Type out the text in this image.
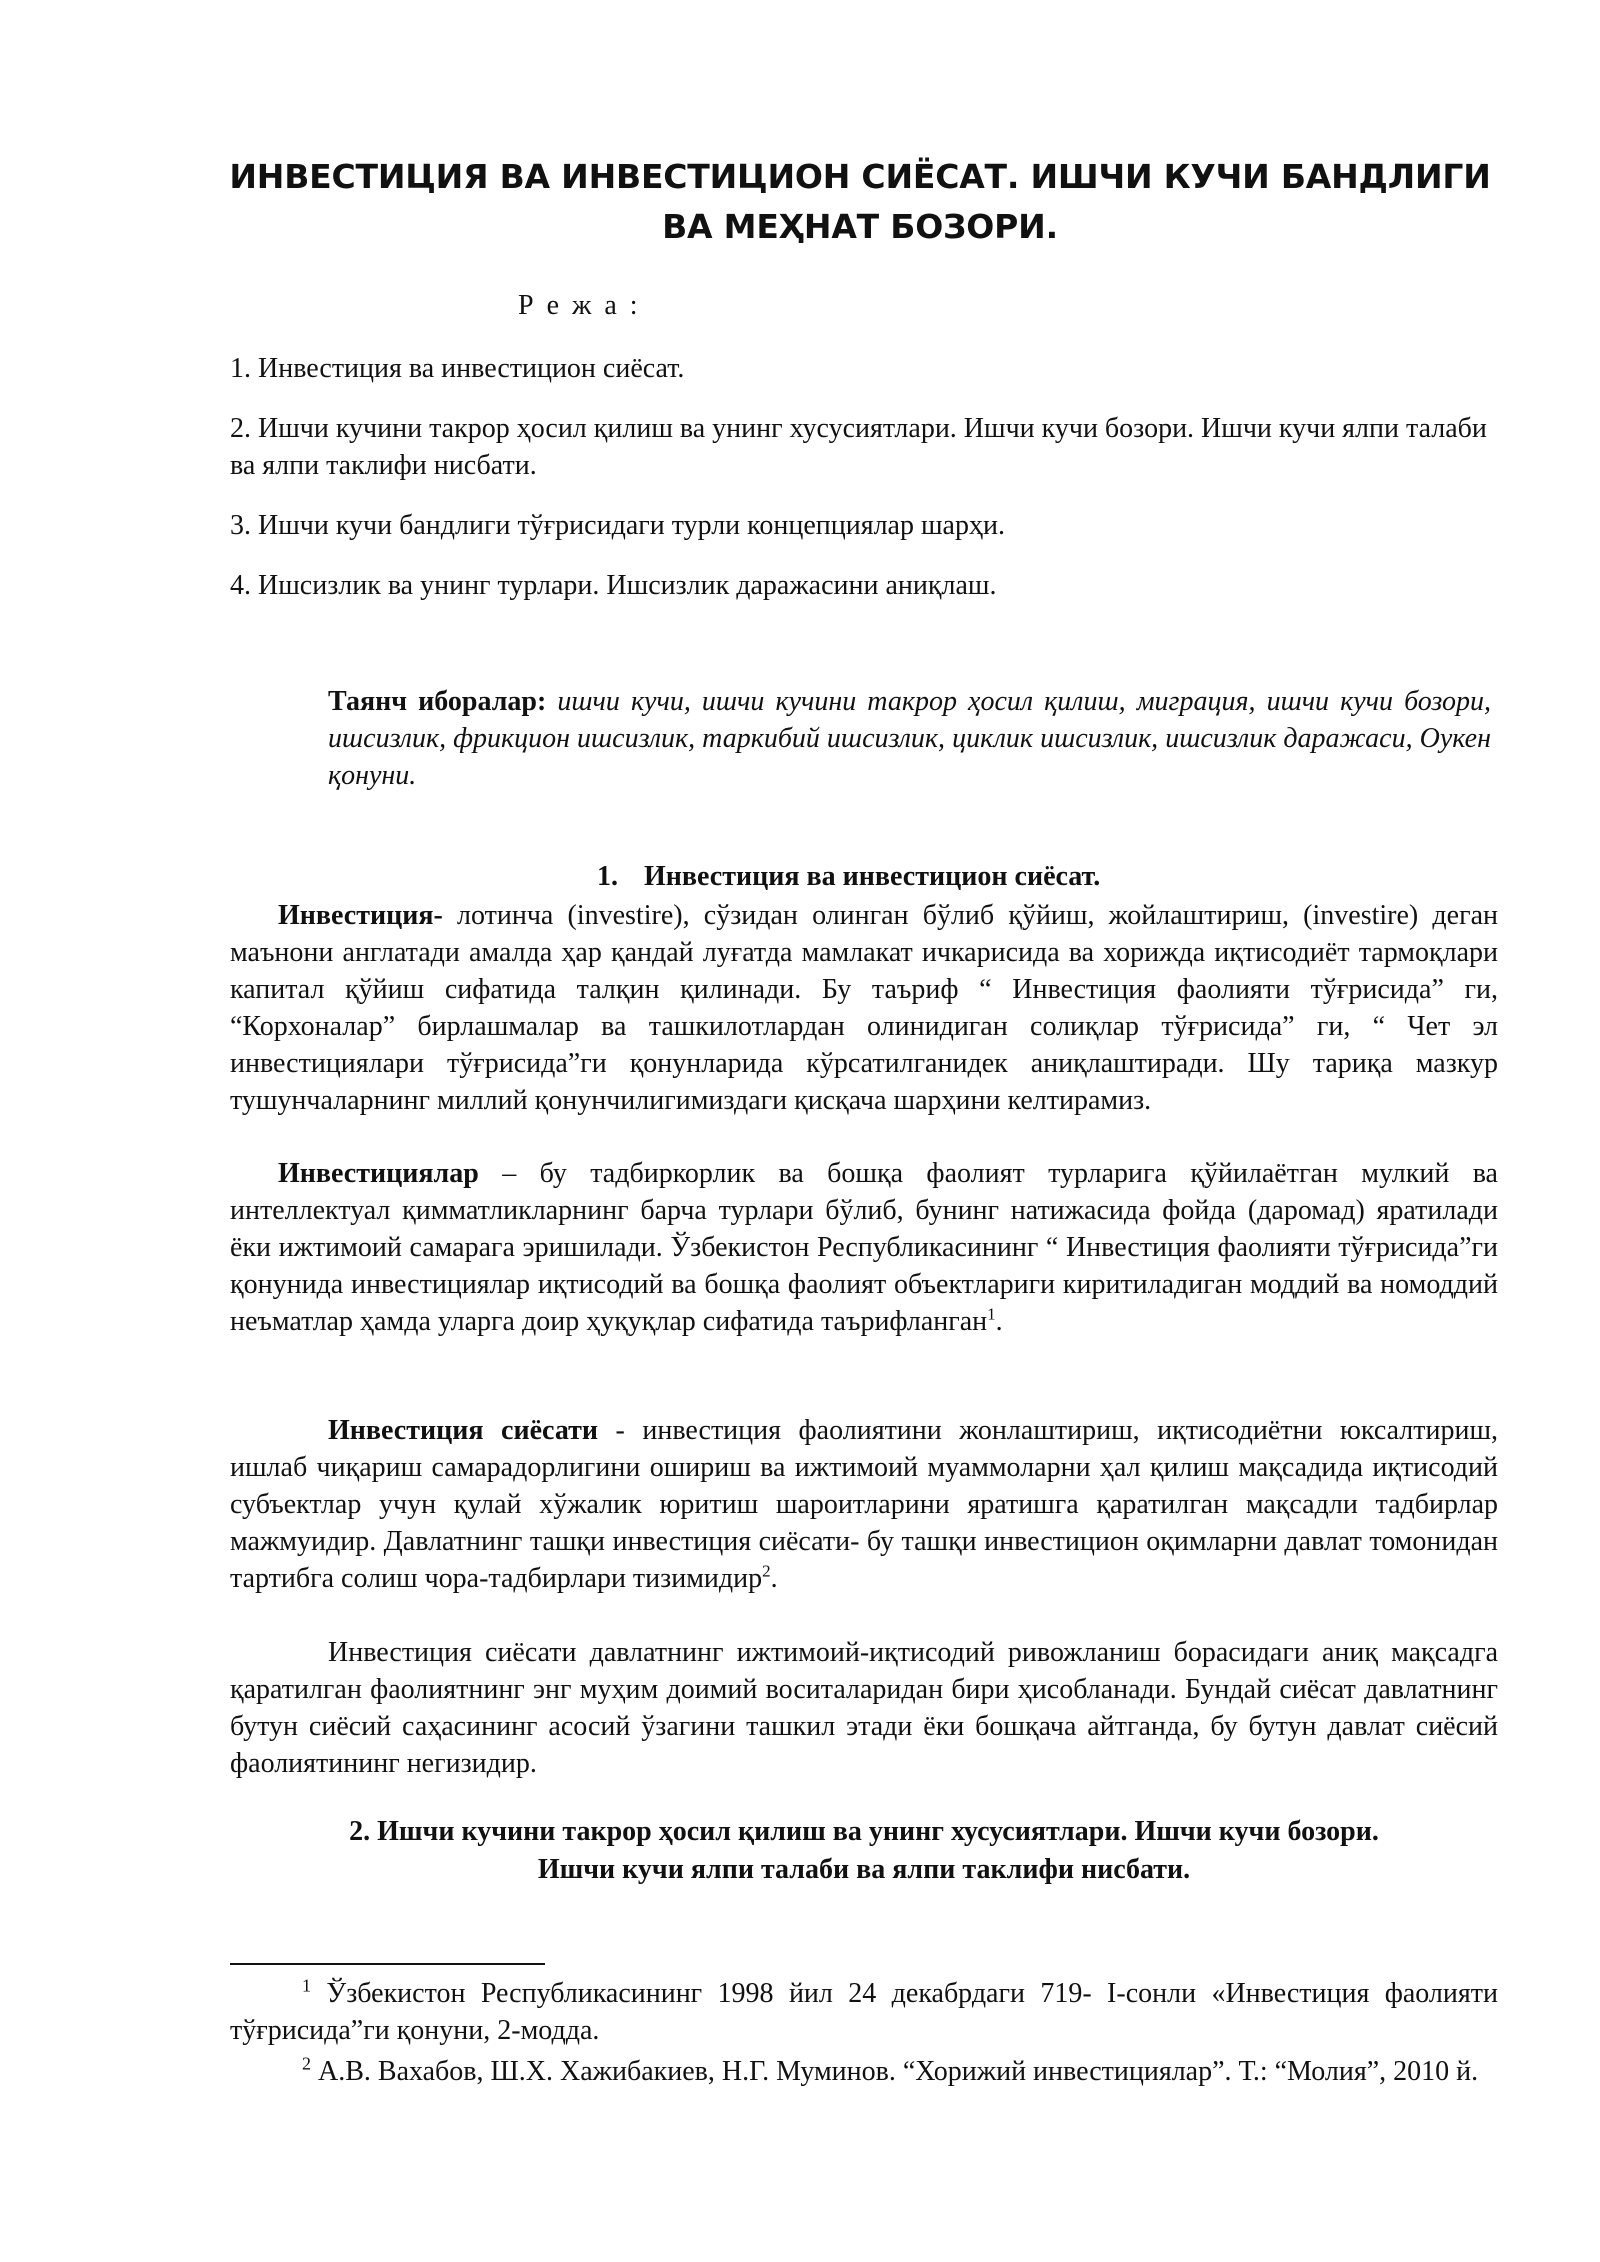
ИНВЕСТИЦИЯ ВА ИНВЕСТИЦИОН СИЁСАТ. ИШЧИ КУЧИ БАНДЛИГИ ВА МЕҲНАТ БОЗОРИ.
Р е ж а :
1. Инвестиция ва инвестицион сиёсат.
2. Ишчи кучини такрор ҳосил қилиш ва унинг хусусиятлари. Ишчи кучи бозори. Ишчи кучи ялпи талаби ва ялпи таклифи нисбати.
3. Ишчи кучи бандлиги тўғрисидаги турли концепциялар шарҳи.
4. Ишсизлик ва унинг турлари. Ишсизлик даражасини аниқлаш.
Таянч иборалар: ишчи кучи, ишчи кучини такрор ҳосил қилиш, миграция, ишчи кучи бозори, ишсизлик, фрикцион ишсизлик, таркибий ишсизлик, циклик ишсизлик, ишсизлик даражаси, Оукен қонуни.
1. Инвестиция ва инвестицион сиёсат.
Инвестиция- лотинча (investire), сўзидан олинган бўлиб қўйиш, жойлаштириш, (investire) деган маънони англатади амалда ҳар қандай луғатда мамлакат ичкарисида ва хорижда иқтисодиёт тармоқлари капитал қўйиш сифатида талқин қилинади. Бу таъриф “ Инвестиция фаолияти тўғрисида” ги, “Корхоналар” бирлашмалар ва ташкилотлардан олинидиган солиқлар тўғрисида” ги, “ Чет эл инвестициялари тўғрисида”ги қонунларида кўрсатилганидек аниқлаштиради. Шу тариқа мазкур тушунчаларнинг миллий қонунчилигимиздаги қисқача шарҳини келтирамиз.
Инвестициялар – бу тадбиркорлик ва бошқа фаолият турларига қўйилаётган мулкий ва интеллектуал қимматликларнинг барча турлари бўлиб, бунинг натижасида фойда (даромад) яратилади ёки ижтимоий самарага эришилади. Ўзбекистон Республикасининг “ Инвестиция фаолияти тўғрисида”ги қонунида инвестициялар иқтисодий ва бошқа фаолият объектлариги киритиладиган моддий ва номоддий неъматлар ҳамда уларга доир ҳуқуқлар сифатида таърифланган$^1$.
Инвестиция сиёсати - инвестиция фаолиятини жонлаштириш, иқтисодиётни юксалтириш, ишлаб чиқариш самарадорлигини ошириш ва ижтимоий муаммоларни ҳал қилиш мақсадида иқтисодий субъектлар учун қулай хўжалик юритиш шароитларини яратишга қаратилган мақсадли тадбирлар мажмуидир. Давлатнинг ташқи инвестиция сиёсати- бу ташқи инвестицион оқимларни давлат томонидан тартибга солиш чора-тадбирлари тизимидир$^2$.
Инвестиция сиёсати давлатнинг ижтимоий-иқтисодий ривожланиш борасидаги аниқ мақсадга қаратилган фаолиятнинг энг муҳим доимий воситаларидан бири ҳисобланади. Бундай сиёсат давлатнинг бутун сиёсий саҳасининг асосий ўзагини ташкил этади ёки бошқача айтганда, бу бутун давлат сиёсий фаолиятининг негизидир.
2. Ишчи кучини такрор ҳосил қилиш ва унинг хусусиятлари. Ишчи кучи бозори.
Ишчи кучи ялпи талаби ва ялпи таклифи нисбати.
$^1$ Ўзбекистон Республикасининг 1998 йил 24 декабрдаги 719- I-сонли «Инвестиция фаолияти тўғрисида”ги қонуни, 2-модда.
$^2$ А.В. Вахабов, Ш.Х. Хажибакиев, Н.Г. Муминов. “Хорижий инвестициялар”. Т.: “Молия”, 2010 й.
